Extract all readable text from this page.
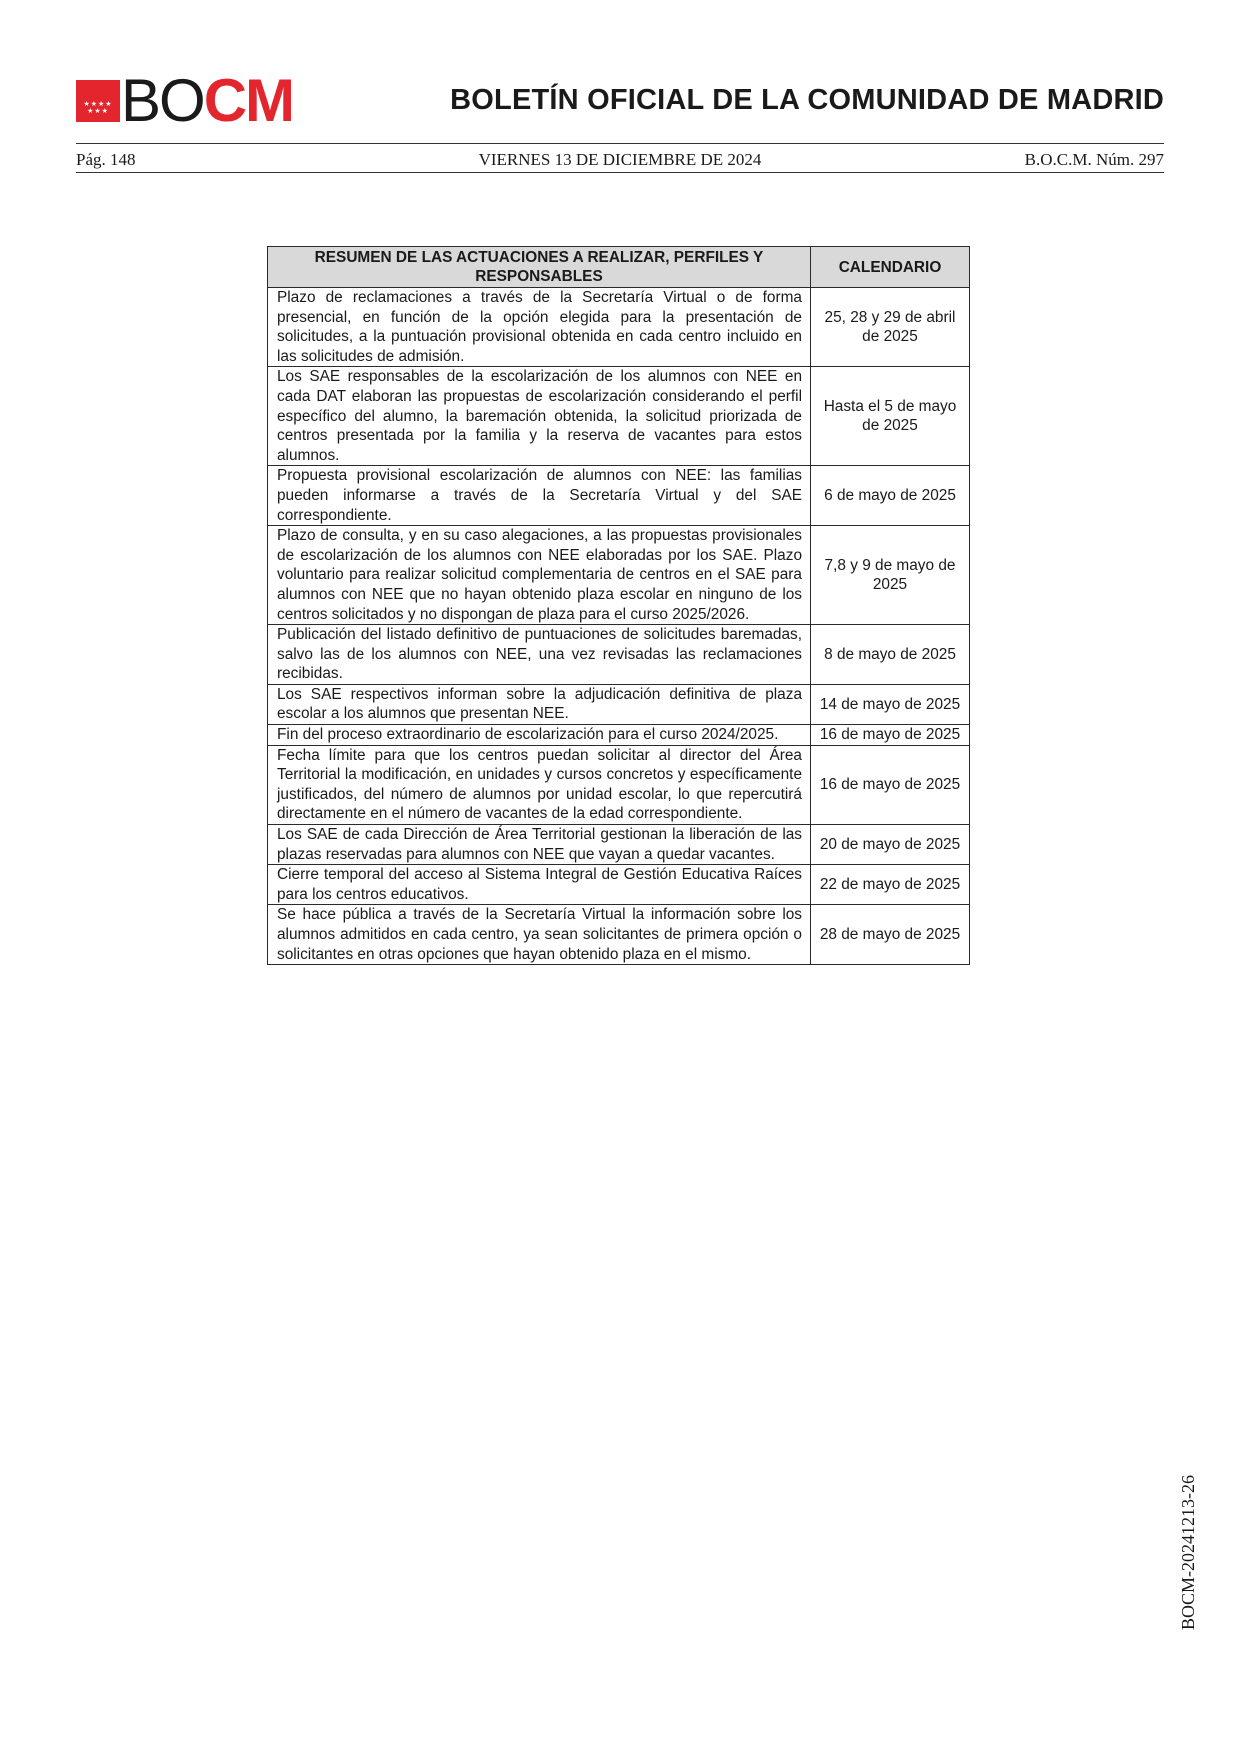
★★★★ ★★★ BOCM	BOLETÍN OFICIAL DE LA COMUNIDAD DE MADRID
Pág. 148	VIERNES 13 DE DICIEMBRE DE 2024	B.O.C.M. Núm. 297
RESUMEN DE LAS ACTUACIONES A REALIZAR, PERFILES Y RESPONSABLES	CALENDARIO
Plazo de reclamaciones a través de la Secretaría Virtual o de forma presencial, en función de la opción elegida para la presentación de solicitudes, a la puntuación provisional obtenida en cada centro incluido en las solicitudes de admisión.	25, 28 y 29 de abril de 2025
Los SAE responsables de la escolarización de los alumnos con NEE en cada DAT elaboran las propuestas de escolarización considerando el perfil específico del alumno, la baremación obtenida, la solicitud priorizada de centros presentada por la familia y la reserva de vacantes para estos alumnos.	Hasta el 5 de mayo de 2025
Propuesta provisional escolarización de alumnos con NEE: las familias pueden informarse a través de la Secretaría Virtual y del SAE correspondiente.	6 de mayo de 2025
Plazo de consulta, y en su caso alegaciones, a las propuestas provisionales de escolarización de los alumnos con NEE elaboradas por los SAE. Plazo voluntario para realizar solicitud complementaria de centros en el SAE para alumnos con NEE que no hayan obtenido plaza escolar en ninguno de los centros solicitados y no dispongan de plaza para el curso 2025/2026.	7,8 y 9 de mayo de 2025
Publicación del listado definitivo de puntuaciones de solicitudes baremadas, salvo las de los alumnos con NEE, una vez revisadas las reclamaciones recibidas.	8 de mayo de 2025
Los SAE respectivos informan sobre la adjudicación definitiva de plaza escolar a los alumnos que presentan NEE.	14 de mayo de 2025
Fin del proceso extraordinario de escolarización para el curso 2024/2025.	16 de mayo de 2025
Fecha límite para que los centros puedan solicitar al director del Área Territorial la modificación, en unidades y cursos concretos y específicamente justificados, del número de alumnos por unidad escolar, lo que repercutirá directamente en el número de vacantes de la edad correspondiente.	16 de mayo de 2025
Los SAE de cada Dirección de Área Territorial gestionan la liberación de las plazas reservadas para alumnos con NEE que vayan a quedar vacantes.	20 de mayo de 2025
Cierre temporal del acceso al Sistema Integral de Gestión Educativa Raíces para los centros educativos.	22 de mayo de 2025
Se hace pública a través de la Secretaría Virtual la información sobre los alumnos admitidos en cada centro, ya sean solicitantes de primera opción o solicitantes en otras opciones que hayan obtenido plaza en el mismo.	28 de mayo de 2025
BOCM-20241213-26
